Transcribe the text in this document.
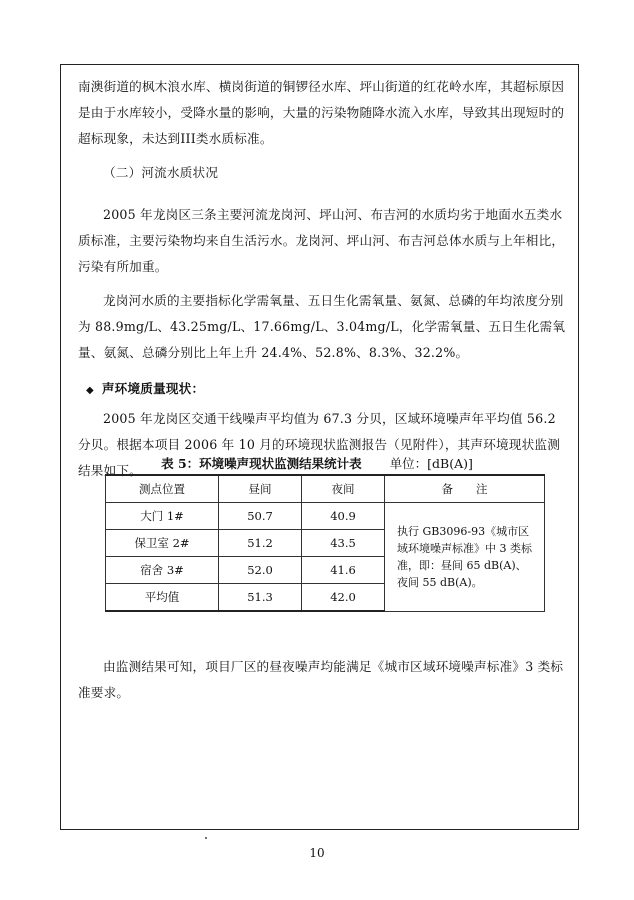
南澳街道的枫木浪水库、横岗街道的铜锣径水库、坪山街道的红花岭水库，其超标原因是由于水库较小，受降水量的影响，大量的污染物随降水流入水库，导致其出现短时的超标现象，未达到III类水质标准。

（二）河流水质状况

2005 年龙岗区三条主要河流龙岗河、坪山河、布吉河的水质均劣于地面水五类水质标准，主要污染物均来自生活污水。龙岗河、坪山河、布吉河总体水质与上年相比，污染有所加重。

龙岗河水质的主要指标化学需氧量、五日生化需氧量、氨氮、总磷的年均浓度分别为 88.9mg/L、43.25mg/L、17.66mg/L、3.04mg/L，化学需氧量、五日生化需氧量、氨氮、总磷分别比上年上升 24.4%、52.8%、8.3%、32.2%。

◆ 声环境质量现状：

2005 年龙岗区交通干线噪声平均值为 67.3 分贝，区域环境噪声年平均值 56.2 分贝。根据本项目 2006 年 10 月的环境现状监测报告（见附件），其声环境现状监测结果如下。	表 5：环境噪声现状监测结果统计表 单位：[dB(A)]
测点位置	昼间	夜间	备　　注
大门 1#	50.7	40.9	执行 GB3096-93《城市区域环境噪声标准》中 3 类标准，即：昼间 65 dB(A)、夜间 55 dB(A)。
保卫室 2#	51.2	43.5	
宿舍 3#	52.0	41.6	
平均值	51.3	42.0	

由监测结果可知，项目厂区的昼夜噪声均能满足《城市区域环境噪声标准》3 类标准要求。

10
